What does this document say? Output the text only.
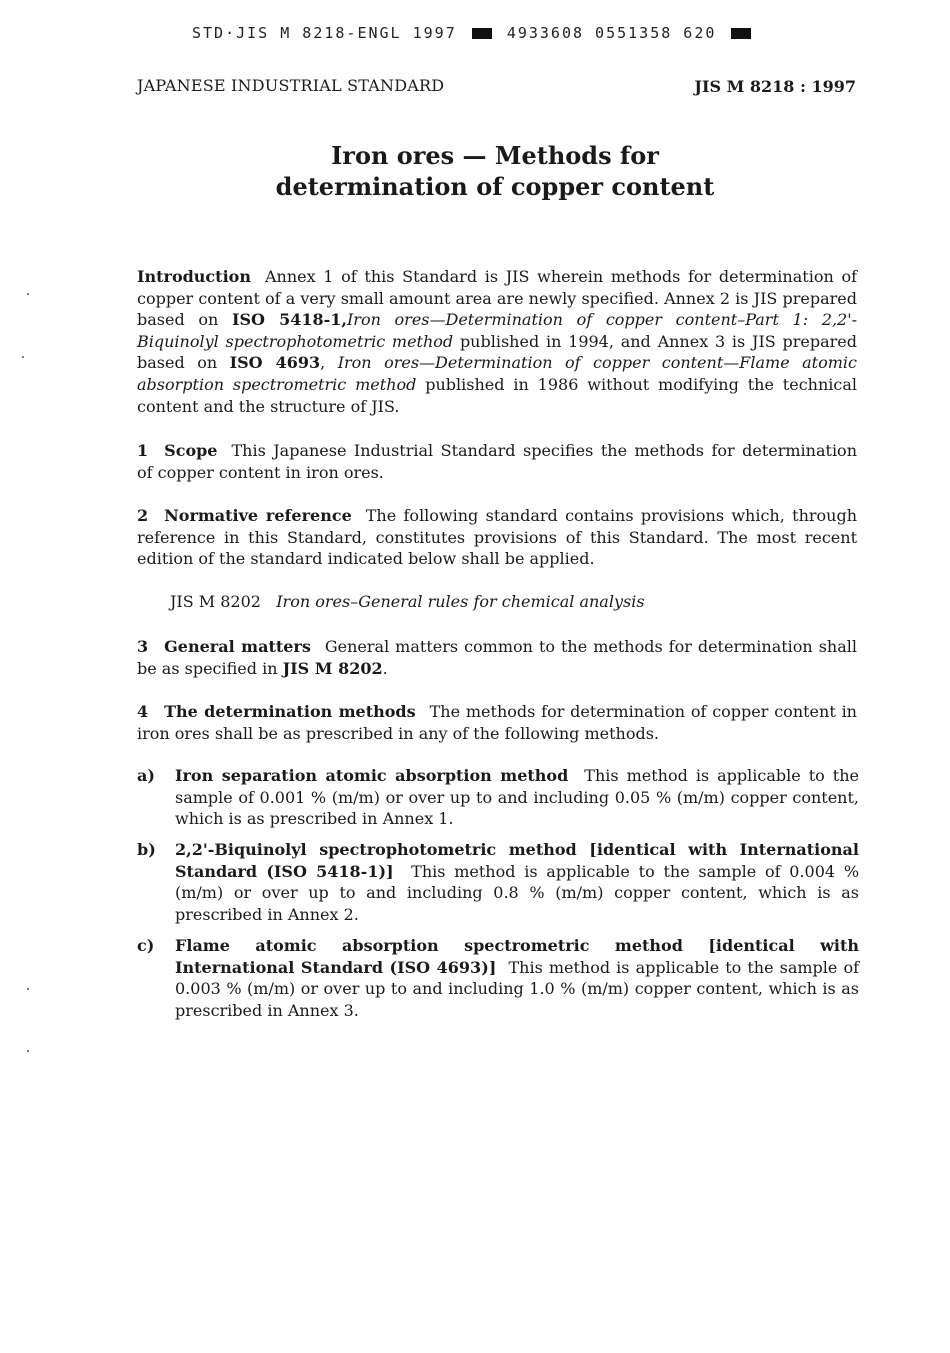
STD·JIS M 8218-ENGL 1997	4933608 0551358 620
JAPANESE INDUSTRIAL STANDARD	JIS M 8218 : 1997
Iron ores — Methods for
determination of copper content
Introduction Annex 1 of this Standard is JIS wherein methods for determination of copper content of a very small amount area are newly specified. Annex 2 is JIS prepared based on ISO 5418-1,Iron ores—Determination of copper content–Part 1: 2,2'-Biquinolyl spectrophotometric method published in 1994, and Annex 3 is JIS prepared based on ISO 4693, Iron ores—Determination of copper content—Flame atomic absorption spectrometric method published in 1986 without modifying the technical content and the structure of JIS.
1 Scope This Japanese Industrial Standard specifies the methods for determination of copper content in iron ores.
2 Normative reference The following standard contains provisions which, through reference in this Standard, constitutes provisions of this Standard. The most recent edition of the standard indicated below shall be applied.
JIS M 8202 Iron ores–General rules for chemical analysis
3 General matters General matters common to the methods for determination shall be as specified in JIS M 8202.
4 The determination methods The methods for determination of copper content in iron ores shall be as prescribed in any of the following methods.
a) Iron separation atomic absorption method This method is applicable to the sample of 0.001 % (m/m) or over up to and including 0.05 % (m/m) copper content, which is as prescribed in Annex 1.
b) 2,2'-Biquinolyl spectrophotometric method [identical with International Standard (ISO 5418-1)] This method is applicable to the sample of 0.004 % (m/m) or over up to and including 0.8 % (m/m) copper content, which is as prescribed in Annex 2.
c) Flame atomic absorption spectrometric method [identical with International Standard (ISO 4693)] This method is applicable to the sample of 0.003 % (m/m) or over up to and including 1.0 % (m/m) copper content, which is as prescribed in Annex 3.
